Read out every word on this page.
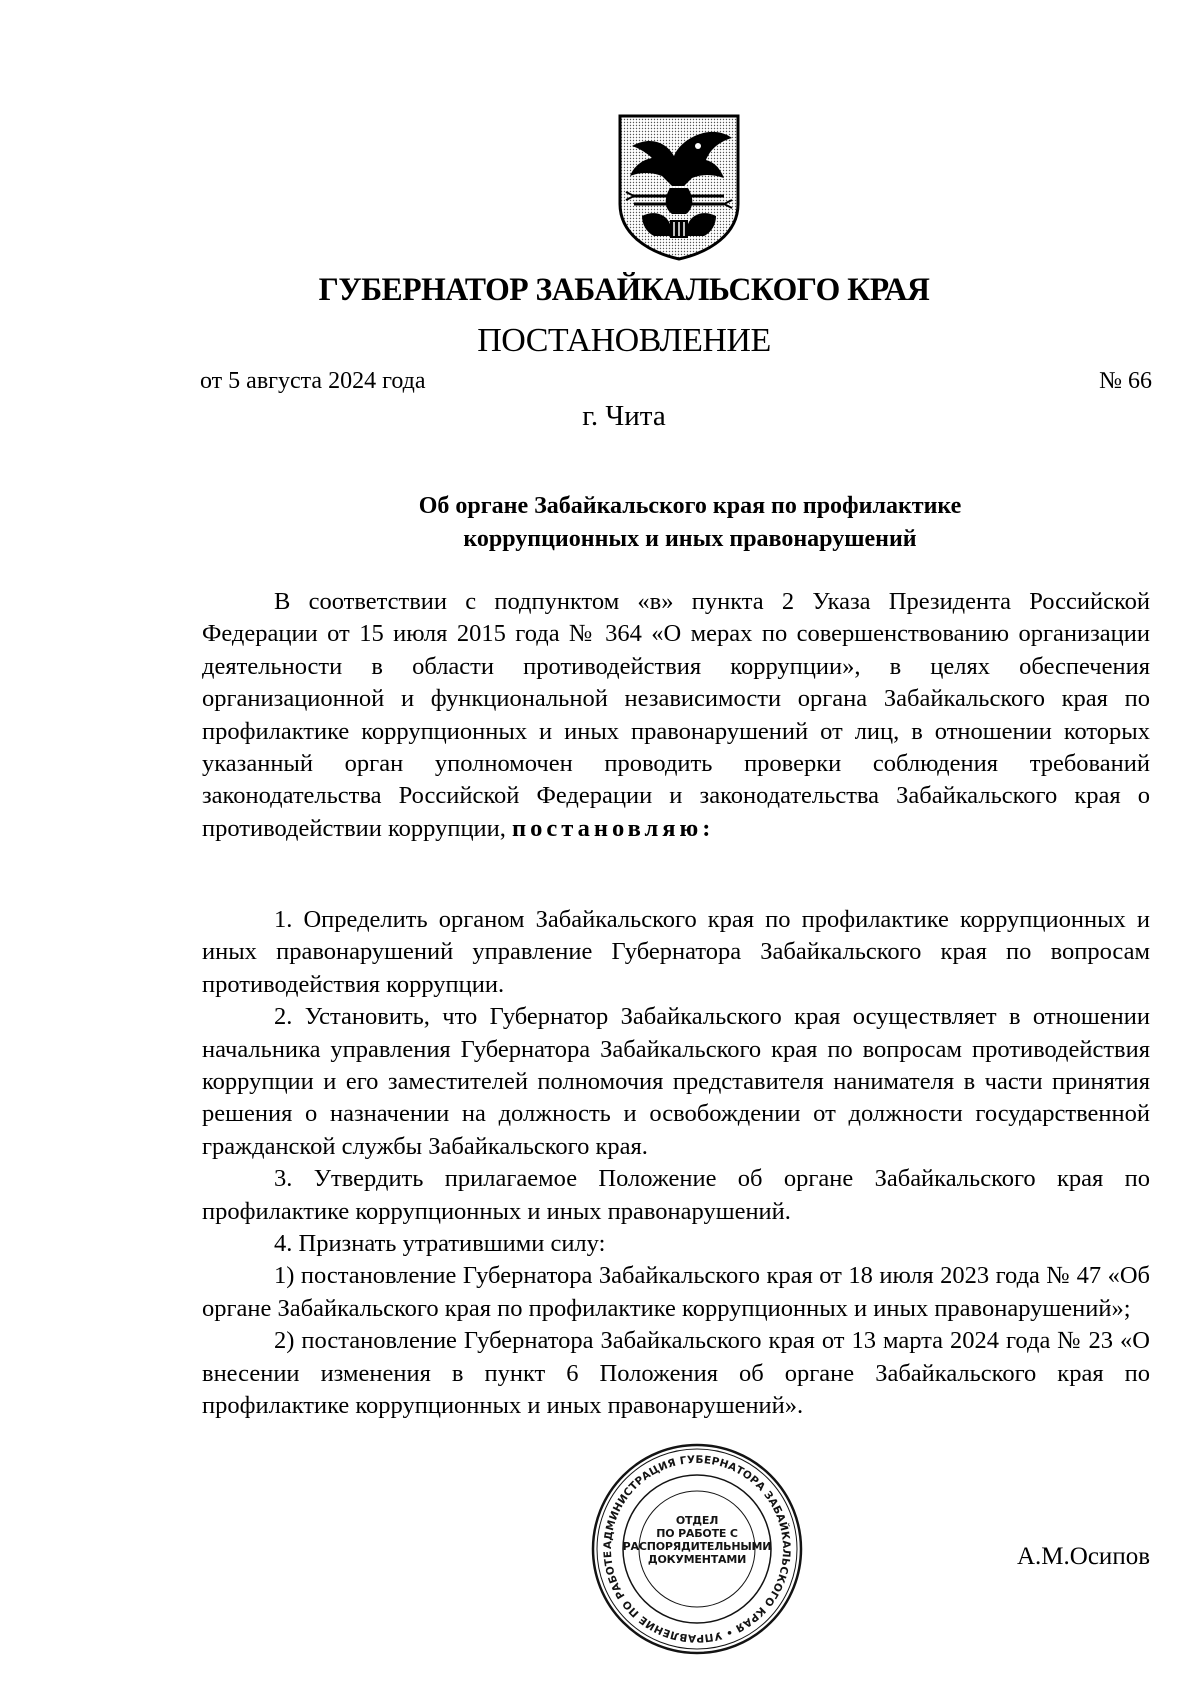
ГУБЕРНАТОР ЗАБАЙКАЛЬСКОГО КРАЯ
ПОСТАНОВЛЕНИЕ
от 5 августа 2024 года	№ 66
г. Чита
Об органе Забайкальского края по профилактике
коррупционных и иных правонарушений

В соответствии с подпунктом «в» пункта 2 Указа Президента Российской Федерации от 15 июля 2015 года № 364 «О мерах по совершенствованию организации деятельности в области противодействия коррупции», в целях обеспечения организационной и функциональной независимости органа Забайкальского края по профилактике коррупционных и иных правонарушений от лиц, в отношении которых указанный орган уполномочен проводить проверки соблюдения требований законодательства Российской Федерации и законодательства Забайкальского края о противодействии коррупции, постановляю:

1. Определить органом Забайкальского края по профилактике коррупционных и иных правонарушений управление Губернатора Забайкальского края по вопросам противодействия коррупции.

2. Установить, что Губернатор Забайкальского края осуществляет в отношении начальника управления Губернатора Забайкальского края по вопросам противодействия коррупции и его заместителей полномочия представителя нанимателя в части принятия решения о назначении на должность и освобождении от должности государственной гражданской службы Забайкальского края.

3. Утвердить прилагаемое Положение об органе Забайкальского края по профилактике коррупционных и иных правонарушений.

4. Признать утратившими силу:

1) постановление Губернатора Забайкальского края от 18 июля 2023 года № 47 «Об органе Забайкальского края по профилактике коррупционных и иных правонарушений»;

2) постановление Губернатора Забайкальского края от 13 марта 2024 года № 23 «О внесении изменения в пункт 6 Положения об органе Забайкальского края по профилактике коррупционных и иных правонарушений».

АДМИНИСТРАЦИЯ ГУБЕРНАТОРА ЗАБАЙКАЛЬСКОГО КРАЯ • УПРАВЛЕНИЕ ПО РАБОТЕ
ОТДЕЛ
ПО РАБОТЕ С
РАСПОРЯДИТЕЛЬНЫМИ
ДОКУМЕНТАМИ	А.М.Осипов
